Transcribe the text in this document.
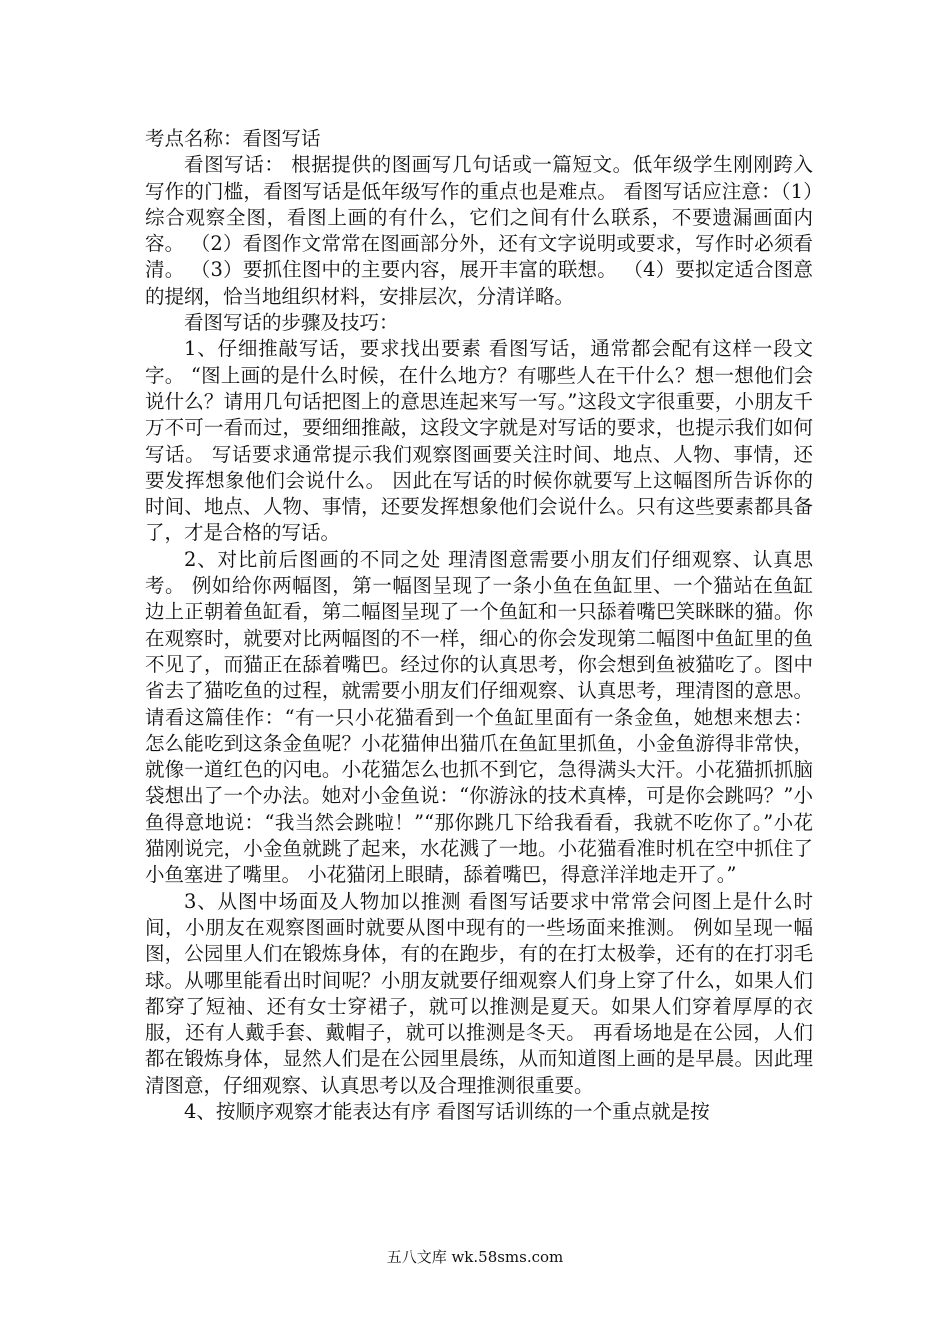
考点名称：看图写话

看图写话： 根据提供的图画写几句话或一篇短文。低年级学生刚刚跨入写作的门槛，看图写话是低年级写作的重点也是难点。 看图写话应注意：（1）综合观察全图，看图上画的有什么，它们之间有什么联系，不要遗漏画面内容。 （2）看图作文常常在图画部分外，还有文字说明或要求，写作时必须看清。 （3）要抓住图中的主要内容，展开丰富的联想。 （4）要拟定适合图意的提纲，恰当地组织材料，安排层次，分清详略。

看图写话的步骤及技巧：

1、仔细推敲写话，要求找出要素 看图写话，通常都会配有这样一段文字。 “图上画的是什么时候，在什么地方？有哪些人在干什么？想一想他们会说什么？请用几句话把图上的意思连起来写一写。”这段文字很重要，小朋友千万不可一看而过，要细细推敲，这段文字就是对写话的要求，也提示我们如何写话。 写话要求通常提示我们观察图画要关注时间、地点、人物、事情，还要发挥想象他们会说什么。 因此在写话的时候你就要写上这幅图所告诉你的时间、地点、人物、事情，还要发挥想象他们会说什么。只有这些要素都具备了，才是合格的写话。

2、对比前后图画的不同之处 理清图意需要小朋友们仔细观察、认真思考。 例如给你两幅图，第一幅图呈现了一条小鱼在鱼缸里、一个猫站在鱼缸边上正朝着鱼缸看，第二幅图呈现了一个鱼缸和一只舔着嘴巴笑眯眯的猫。你在观察时，就要对比两幅图的不一样，细心的你会发现第二幅图中鱼缸里的鱼不见了，而猫正在舔着嘴巴。经过你的认真思考，你会想到鱼被猫吃了。图中省去了猫吃鱼的过程，就需要小朋友们仔细观察、认真思考，理清图的意思。 请看这篇佳作：“有一只小花猫看到一个鱼缸里面有一条金鱼，她想来想去：怎么能吃到这条金鱼呢？小花猫伸出猫爪在鱼缸里抓鱼，小金鱼游得非常快，就像一道红色的闪电。小花猫怎么也抓不到它，急得满头大汗。小花猫抓抓脑袋想出了一个办法。她对小金鱼说：“你游泳的技术真棒，可是你会跳吗？”小鱼得意地说：“我当然会跳啦！”“那你跳几下给我看看，我就不吃你了。”小花猫刚说完，小金鱼就跳了起来，水花溅了一地。小花猫看准时机在空中抓住了小鱼塞进了嘴里。 小花猫闭上眼睛，舔着嘴巴，得意洋洋地走开了。”

3、从图中场面及人物加以推测 看图写话要求中常常会问图上是什么时间，小朋友在观察图画时就要从图中现有的一些场面来推测。 例如呈现一幅图，公园里人们在锻炼身体，有的在跑步，有的在打太极拳，还有的在打羽毛球。从哪里能看出时间呢？小朋友就要仔细观察人们身上穿了什么，如果人们都穿了短袖、还有女士穿裙子，就可以推测是夏天。如果人们穿着厚厚的衣服，还有人戴手套、戴帽子，就可以推测是冬天。 再看场地是在公园，人们都在锻炼身体，显然人们是在公园里晨练，从而知道图上画的是早晨。因此理清图意，仔细观察、认真思考以及合理推测很重要。

4、按顺序观察才能表达有序 看图写话训练的一个重点就是按

五八文库 wk.58sms.com
